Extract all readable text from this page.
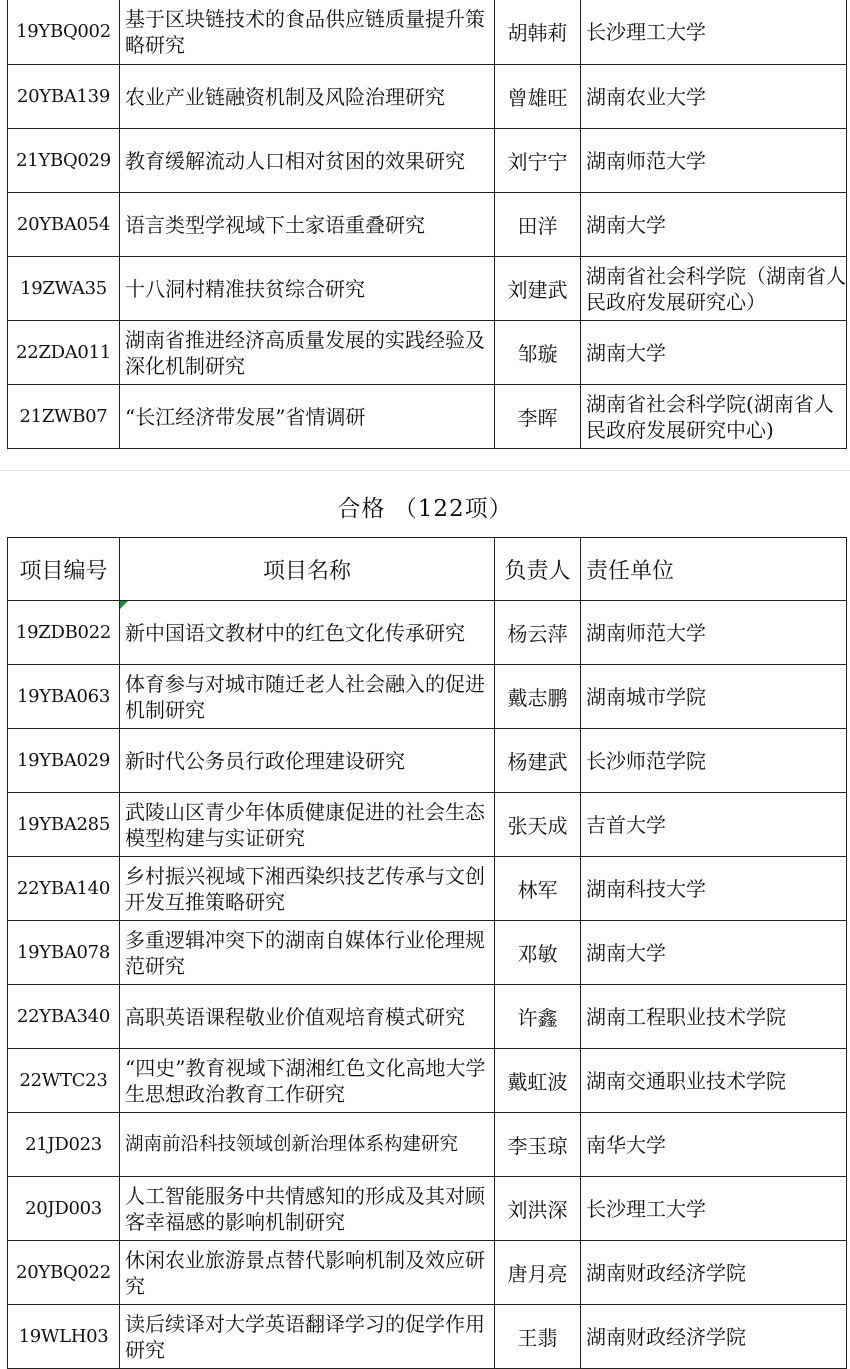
19YBQ002	基于区块链技术的食品供应链质量提升策略研究	胡韩莉	长沙理工大学
20YBA139	农业产业链融资机制及风险治理研究	曾雄旺	湖南农业大学
21YBQ029	教育缓解流动人口相对贫困的效果研究	刘宁宁	湖南师范大学
20YBA054	语言类型学视域下土家语重叠研究	田洋	湖南大学
19ZWA35	十八洞村精准扶贫综合研究	刘建武	湖南省社会科学院（湖南省人民政府发展研究心）
22ZDA011	湖南省推进经济高质量发展的实践经验及深化机制研究	邹璇	湖南大学
21ZWB07	“长江经济带发展”省情调研	李晖	湖南省社会科学院(湖南省人民政府发展研究中心)
合格 （122项）
项目编号	项目名称	负责人	责任单位
19ZDB022	新中国语文教材中的红色文化传承研究	杨云萍	湖南师范大学
19YBA063	体育参与对城市随迁老人社会融入的促进机制研究	戴志鹏	湖南城市学院
19YBA029	新时代公务员行政伦理建设研究	杨建武	长沙师范学院
19YBA285	武陵山区青少年体质健康促进的社会生态模型构建与实证研究	张天成	吉首大学
22YBA140	乡村振兴视域下湘西染织技艺传承与文创开发互推策略研究	林军	湖南科技大学
19YBA078	多重逻辑冲突下的湖南自媒体行业伦理规范研究	邓敏	湖南大学
22YBA340	高职英语课程敬业价值观培育模式研究	许鑫	湖南工程职业技术学院
22WTC23	“四史”教育视域下湖湘红色文化高地大学生思想政治教育工作研究	戴虹波	湖南交通职业技术学院
21JD023	湖南前沿科技领域创新治理体系构建研究	李玉琼	南华大学
20JD003	人工智能服务中共情感知的形成及其对顾客幸福感的影响机制研究	刘洪深	长沙理工大学
20YBQ022	休闲农业旅游景点替代影响机制及效应研究	唐月亮	湖南财政经济学院
19WLH03	读后续译对大学英语翻译学习的促学作用研究	王翡	湖南财政经济学院
